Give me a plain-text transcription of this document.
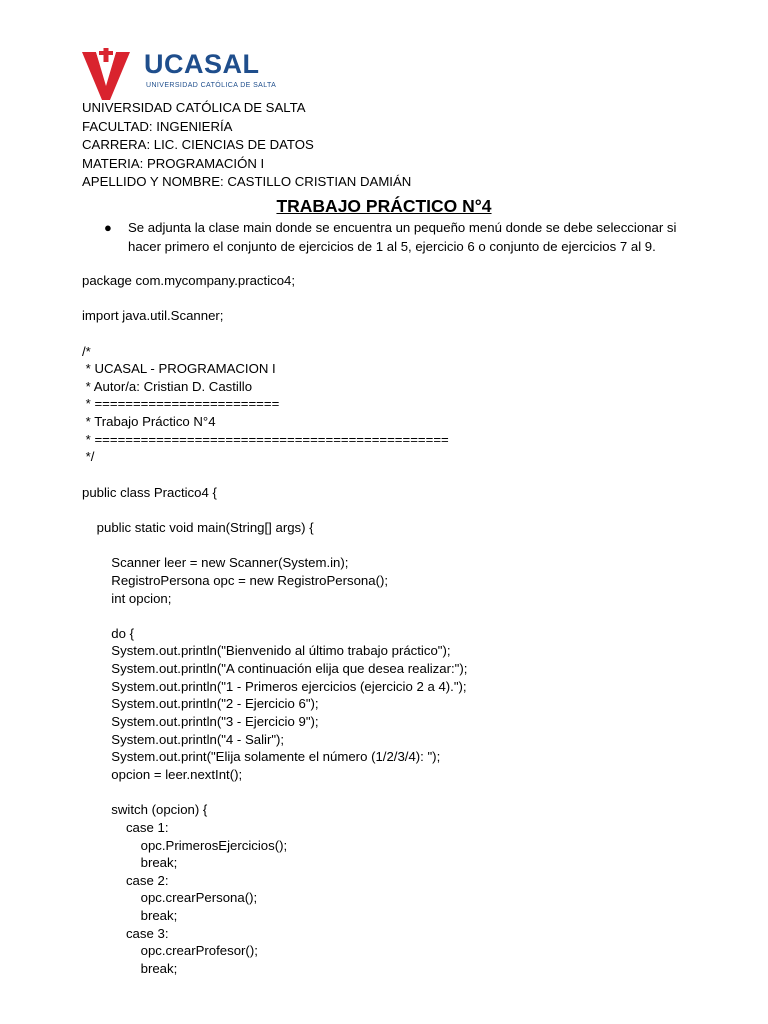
UCASAL
UNIVERSIDAD CATÓLICA DE SALTA
UNIVERSIDAD CATÓLICA DE SALTA
FACULTAD: INGENIERÍA
CARRERA: LIC. CIENCIAS DE DATOS
MATERIA: PROGRAMACIÓN I
APELLIDO Y NOMBRE: CASTILLO CRISTIAN DAMIÁN
TRABAJO PRÁCTICO N°4
● Se adjunta la clase main donde se encuentra un pequeño menú donde se debe seleccionar si hacer primero el conjunto de ejercicios de 1 al 5, ejercicio 6 o conjunto de ejercicios 7 al 9.
package com.mycompany.practico4;
import java.util.Scanner;
/*
* UCASAL - PROGRAMACION I
* Autor/a: Cristian D. Castillo
* ========================
* Trabajo Práctico N°4
* ==============================================
*/
public class Practico4 {
public static void main(String[] args) {
Scanner leer = new Scanner(System.in);
RegistroPersona opc = new RegistroPersona();
int opcion;
do {
System.out.println("Bienvenido al último trabajo práctico");
System.out.println("A continuación elija que desea realizar:");
System.out.println("1 - Primeros ejercicios (ejercicio 2 a 4).");
System.out.println("2 - Ejercicio 6");
System.out.println("3 - Ejercicio 9");
System.out.println("4 - Salir");
System.out.print("Elija solamente el número (1/2/3/4): ");
opcion = leer.nextInt();
switch (opcion) {
case 1:
opc.PrimerosEjercicios();
break;
case 2:
opc.crearPersona();
break;
case 3:
opc.crearProfesor();
break;
